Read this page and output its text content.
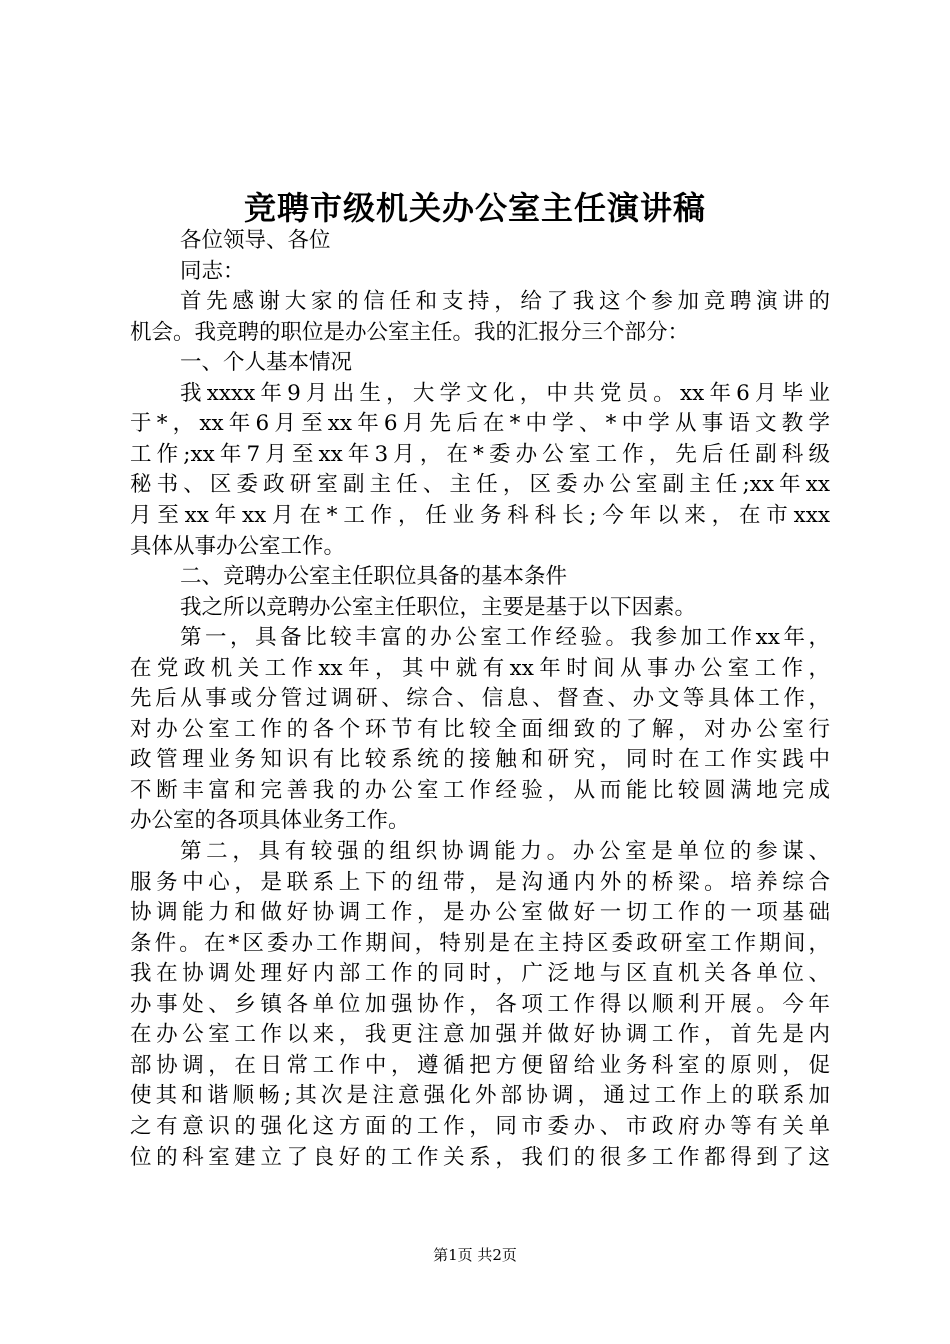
竞聘市级机关办公室主任演讲稿
各位领导、各位
同志：
首先感谢大家的信任和支持，给了我这个参加竞聘演讲的
机会。我竞聘的职位是办公室主任。我的汇报分三个部分：
一、个人基本情况
我xxxx年9月出生，大学文化，中共党员。xx年6月毕业
于*，xx年6月至xx年6月先后在*中学、*中学从事语文教学
工作;xx年7月至xx年3月，在*委办公室工作，先后任副科级
秘书、区委政研室副主任、主任，区委办公室副主任;xx年xx
月至xx年xx月在*工作，任业务科科长;今年以来，在市xxx
具体从事办公室工作。
二、竞聘办公室主任职位具备的基本条件
我之所以竞聘办公室主任职位，主要是基于以下因素。
第一，具备比较丰富的办公室工作经验。我参加工作xx年，
在党政机关工作xx年，其中就有xx年时间从事办公室工作，
先后从事或分管过调研、综合、信息、督查、办文等具体工作，
对办公室工作的各个环节有比较全面细致的了解，对办公室行
政管理业务知识有比较系统的接触和研究，同时在工作实践中
不断丰富和完善我的办公室工作经验，从而能比较圆满地完成
办公室的各项具体业务工作。
第二，具有较强的组织协调能力。办公室是单位的参谋、
服务中心，是联系上下的纽带，是沟通内外的桥梁。培养综合
协调能力和做好协调工作，是办公室做好一切工作的一项基础
条件。在*区委办工作期间，特别是在主持区委政研室工作期间，
我在协调处理好内部工作的同时，广泛地与区直机关各单位、
办事处、乡镇各单位加强协作，各项工作得以顺利开展。今年
在办公室工作以来，我更注意加强并做好协调工作，首先是内
部协调，在日常工作中，遵循把方便留给业务科室的原则，促
使其和谐顺畅;其次是注意强化外部协调，通过工作上的联系加
之有意识的强化这方面的工作，同市委办、市政府办等有关单
位的科室建立了良好的工作关系，我们的很多工作都得到了这
第1页 共2页
